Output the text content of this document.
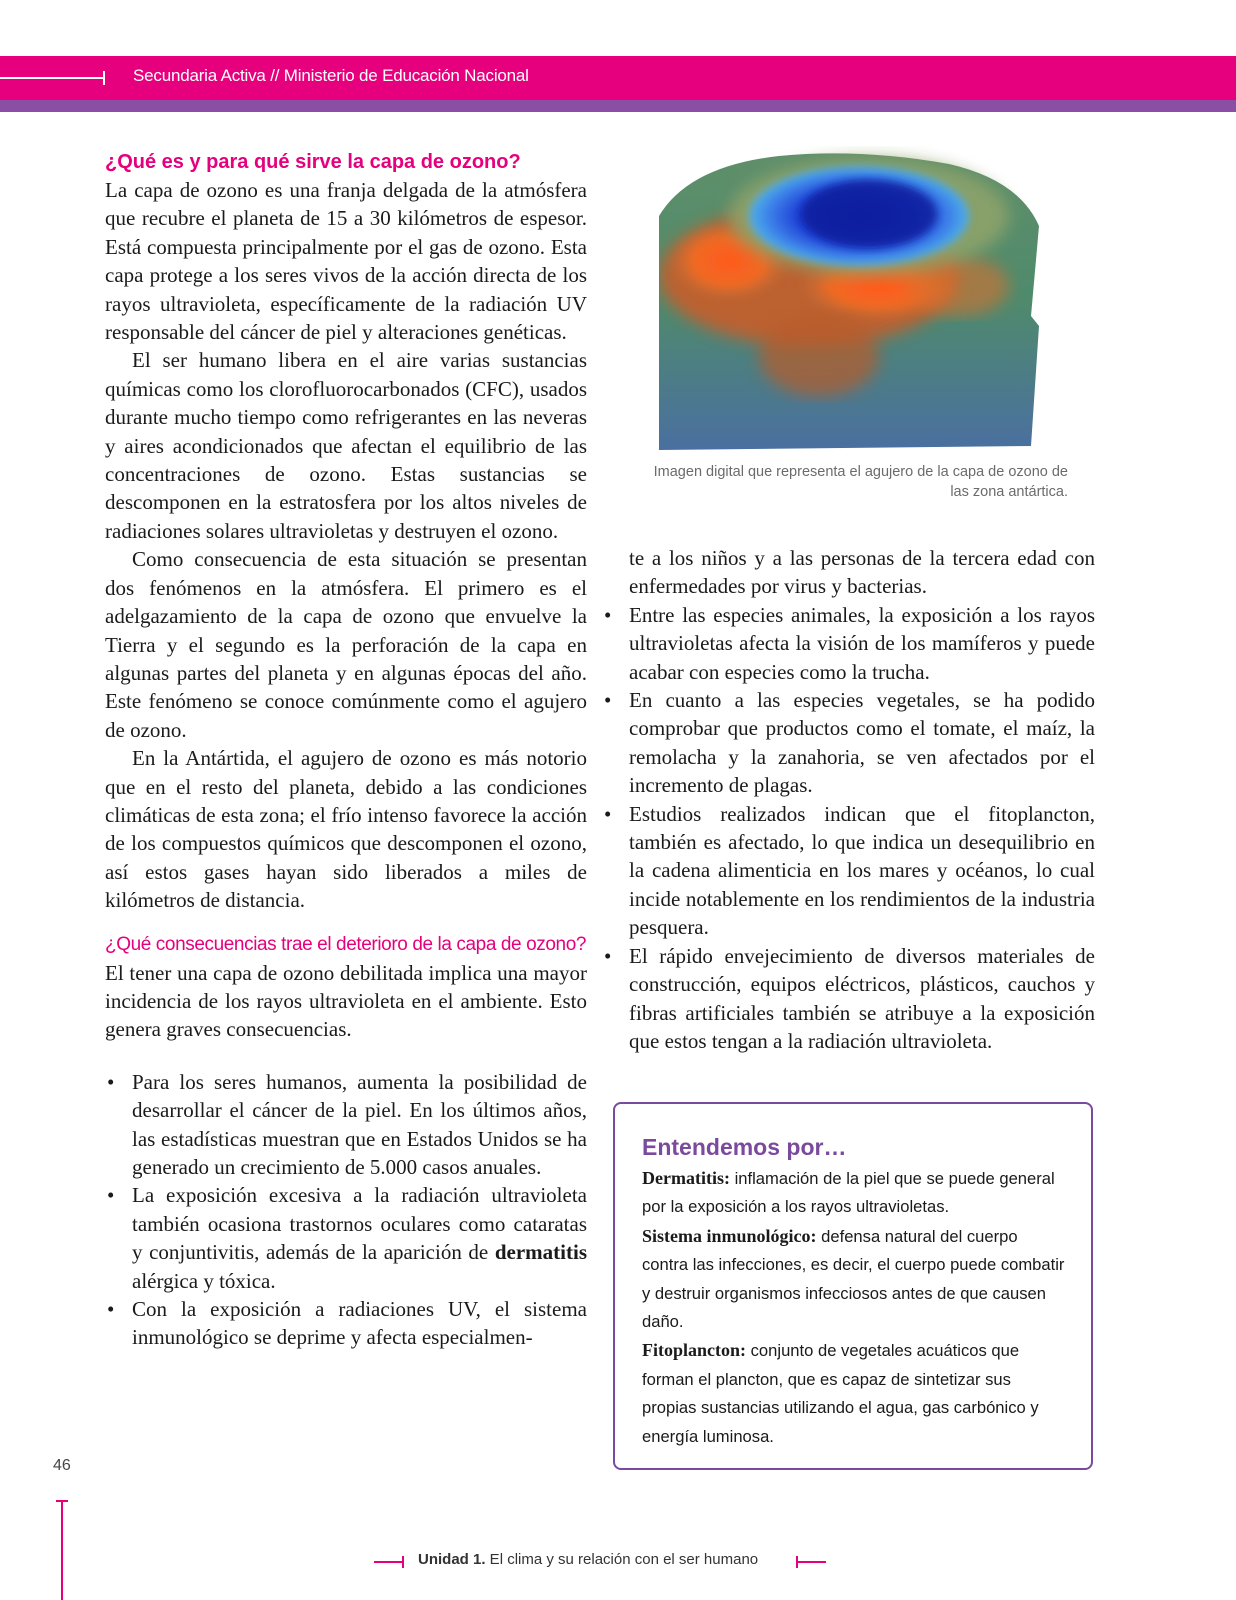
Secundaria Activa // Ministerio de Educación Nacional
¿Qué es y para qué sirve la capa de ozono?

La capa de ozono es una franja delgada de la atmósfera que recubre el planeta de 15 a 30 kilómetros de espesor. Está compuesta principalmente por el gas de ozono. Esta capa protege a los seres vivos de la acción directa de los rayos ultravioleta, específicamente de la radiación UV responsable del cáncer de piel y alteraciones genéticas.

El ser humano libera en el aire varias sustancias químicas como los clorofluorocarbonados (CFC), usados durante mucho tiempo como refrigerantes en las neveras y aires acondicionados que afectan el equilibrio de las concentraciones de ozono. Estas sustancias se descomponen en la estratosfera por los altos niveles de radiaciones solares ultravioletas y destruyen el ozono.

Como consecuencia de esta situación se presentan dos fenómenos en la atmósfera. El primero es el adelgazamiento de la capa de ozono que envuelve la Tierra y el segundo es la perforación de la capa en algunas partes del planeta y en algunas épocas del año. Este fenómeno se conoce comúnmente como el agujero de ozono.

En la Antártida, el agujero de ozono es más notorio que en el resto del planeta, debido a las condiciones climáticas de esta zona; el frío intenso favorece la acción de los compuestos químicos que descomponen el ozono, así estos gases hayan sido liberados a miles de kilómetros de distancia.

¿Qué consecuencias trae el deterioro de la capa de ozono?

El tener una capa de ozono debilitada implica una mayor incidencia de los rayos ultravioleta en el ambiente. Esto genera graves consecuencias.

• Para los seres humanos, aumenta la posibilidad de desarrollar el cáncer de la piel. En los últimos años, las estadísticas muestran que en Estados Unidos se ha generado un crecimiento de 5.000 casos anuales.
• La exposición excesiva a la radiación ultravioleta también ocasiona trastornos oculares como cataratas y conjuntivitis, además de la aparición de dermatitis alérgica y tóxica.
• Con la exposición a radiaciones UV, el sistema inmunológico se deprime y afecta especialmen-
Imagen digital que representa el agujero de la capa de ozono de las zona antártica.

te a los niños y a las personas de la tercera edad con enfermedades por virus y bacterias.

• Entre las especies animales, la exposición a los rayos ultravioletas afecta la visión de los mamíferos y puede acabar con especies como la trucha.
• En cuanto a las especies vegetales, se ha podido comprobar que productos como el tomate, el maíz, la remolacha y la zanahoria, se ven afectados por el incremento de plagas.
• Estudios realizados indican que el fitoplancton, también es afectado, lo que indica un desequilibrio en la cadena alimenticia en los mares y océanos, lo cual incide notablemente en los rendimientos de la industria pesquera.
• El rápido envejecimiento de diversos materiales de construcción, equipos eléctricos, plásticos, cauchos y fibras artificiales también se atribuye a la exposición que estos tengan a la radiación ultravioleta.
Entendemos por…
Dermatitis: inflamación de la piel que se puede general por la exposición a los rayos ultravioletas.
Sistema inmunológico: defensa natural del cuerpo contra las infecciones, es decir, el cuerpo puede combatir y destruir organismos infecciosos antes de que causen daño.
Fitoplancton: conjunto de vegetales acuáticos que forman el plancton, que es capaz de sintetizar sus propias sustancias utilizando el agua, gas carbónico y energía luminosa.
46
Unidad 1. El clima y su relación con el ser humano
